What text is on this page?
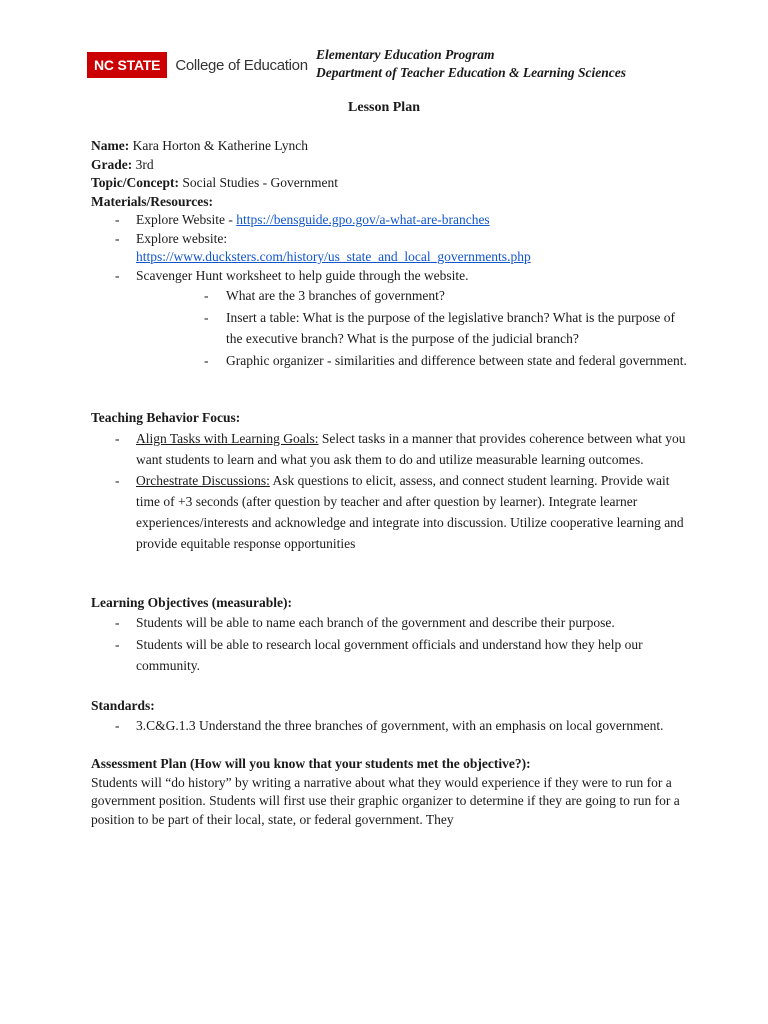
NC STATE	College of Education
Elementary Education Program
Department of Teacher Education & Learning Sciences
Lesson Plan

Name: Kara Horton & Katherine Lynch

Grade: 3rd

Topic/Concept: Social Studies - Government

Materials/Resources:

- Explore Website - https://bensguide.gpo.gov/a-what-are-branches
- Explore website:
https://www.ducksters.com/history/us_state_and_local_governments.php
- Scavenger Hunt worksheet to help guide through the website.
- What are the 3 branches of government?
- Insert a table: What is the purpose of the legislative branch? What is the purpose of the executive branch? What is the purpose of the judicial branch?
- Graphic organizer - similarities and difference between state and federal government.

Teaching Behavior Focus:

- Align Tasks with Learning Goals: Select tasks in a manner that provides coherence between what you want students to learn and what you ask them to do and utilize measurable learning outcomes.
- Orchestrate Discussions: Ask questions to elicit, assess, and connect student learning. Provide wait time of +3 seconds (after question by teacher and after question by learner). Integrate learner experiences/interests and acknowledge and integrate into discussion. Utilize cooperative learning and provide equitable response opportunities

Learning Objectives (measurable):

- Students will be able to name each branch of the government and describe their purpose.
- Students will be able to research local government officials and understand how they help our community.

Standards:

- 3.C&G.1.3 Understand the three branches of government, with an emphasis on local government.

Assessment Plan (How will you know that your students met the objective?):

Students will “do history” by writing a narrative about what they would experience if they were to run for a government position. Students will first use their graphic organizer to determine if they are going to run for a position to be part of their local, state, or federal government. They
